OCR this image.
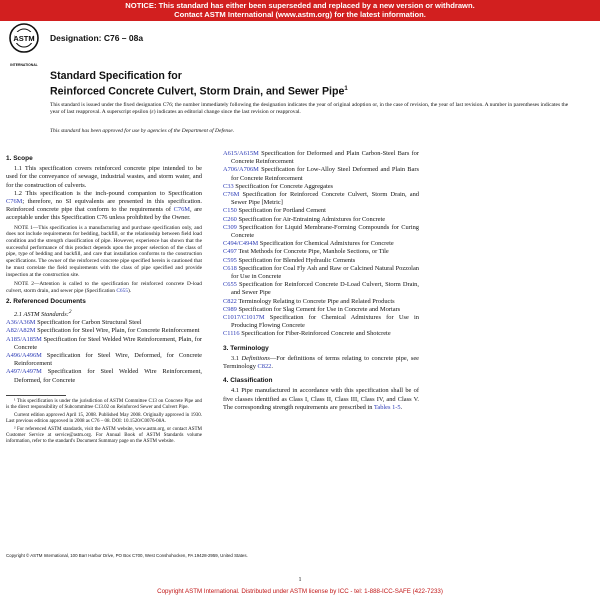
NOTICE: This standard has either been superseded and replaced by a new version or withdrawn.
Contact ASTM International (www.astm.org) for the latest information.
ASTM
INTERNATIONAL
Designation: C76 – 08a
Standard Specification for
Reinforced Concrete Culvert, Storm Drain, and Sewer Pipe$^1$
This standard is issued under the fixed designation C76; the number immediately following the designation indicates the year of original adoption or, in the case of revision, the year of last revision. A number in parentheses indicates the year of last reapproval. A superscript epsilon (ε) indicates an editorial change since the last revision or reapproval.
This standard has been approved for use by agencies of the Department of Defense.
1. Scope

1.1 This specification covers reinforced concrete pipe intended to be used for the conveyance of sewage, industrial wastes, and storm water, and for the construction of culverts.

1.2 This specification is the inch-pound companion to Specification C76M; therefore, no SI equivalents are presented in this specification. Reinforced concrete pipe that conform to the requirements of C76M, are acceptable under this Specification C76 unless prohibited by the Owner.

NOTE 1—This specification is a manufacturing and purchase specification only, and does not include requirements for bedding, backfill, or the relationship between field load condition and the strength classification of pipe. However, experience has shown that the successful performance of this product depends upon the proper selection of the class of pipe, type of bedding and backfill, and care that installation conforms to the construction specifications. The owner of the reinforced concrete pipe specified herein is cautioned that he must correlate the field requirements with the class of pipe specified and provide inspection at the construction site.

NOTE 2—Attention is called to the specification for reinforced concrete D-load culvert, storm drain, and sewer pipe (Specification C655).

2. Referenced Documents

2.1 ASTM Standards:$^2$

A36/A36M Specification for Carbon Structural Steel

A82/A82M Specification for Steel Wire, Plain, for Concrete Reinforcement

A185/A185M Specification for Steel Welded Wire Reinforcement, Plain, for Concrete

A496/A496M Specification for Steel Wire, Deformed, for Concrete Reinforcement

A497/A497M Specification for Steel Welded Wire Reinforcement, Deformed, for Concrete

¹ This specification is under the jurisdiction of ASTM Committee C13 on Concrete Pipe and is the direct responsibility of Subcommittee C13.02 on Reinforced Sewer and Culvert Pipe.

Current edition approved April 15, 2008. Published May 2008. Originally approved in 1930. Last previous edition approved in 2008 as C76 – 08. DOI: 10.1520/C0076-08A.

² For referenced ASTM standards, visit the ASTM website, www.astm.org, or contact ASTM Customer Service at service@astm.org. For Annual Book of ASTM Standards volume information, refer to the standard's Document Summary page on the ASTM website.

A615/A615M Specification for Deformed and Plain Carbon-Steel Bars for Concrete Reinforcement

A706/A706M Specification for Low-Alloy Steel Deformed and Plain Bars for Concrete Reinforcement

C33 Specification for Concrete Aggregates

C76M Specification for Reinforced Concrete Culvert, Storm Drain, and Sewer Pipe [Metric]

C150 Specification for Portland Cement

C260 Specification for Air-Entraining Admixtures for Concrete

C309 Specification for Liquid Membrane-Forming Compounds for Curing Concrete

C494/C494M Specification for Chemical Admixtures for Concrete

C497 Test Methods for Concrete Pipe, Manhole Sections, or Tile

C595 Specification for Blended Hydraulic Cements

C618 Specification for Coal Fly Ash and Raw or Calcined Natural Pozzolan for Use in Concrete

C655 Specification for Reinforced Concrete D-Load Culvert, Storm Drain, and Sewer Pipe

C822 Terminology Relating to Concrete Pipe and Related Products

C989 Specification for Slag Cement for Use in Concrete and Mortars

C1017/C1017M Specification for Chemical Admixtures for Use in Producing Flowing Concrete

C1116 Specification for Fiber-Reinforced Concrete and Shotcrete

3. Terminology

3.1 Definitions—For definitions of terms relating to concrete pipe, see Terminology C822.

4. Classification

4.1 Pipe manufactured in accordance with this specification shall be of five classes identified as Class I, Class II, Class III, Class IV, and Class V. The corresponding strength requirements are prescribed in Tables 1-5.

Copyright © ASTM International, 100 Barr Harbor Drive, PO Box C700, West Conshohocken, PA 19428-2959, United States.
1
Copyright ASTM International. Distributed under ASTM license by ICC - tel: 1-888-ICC-SAFE (422-7233)
